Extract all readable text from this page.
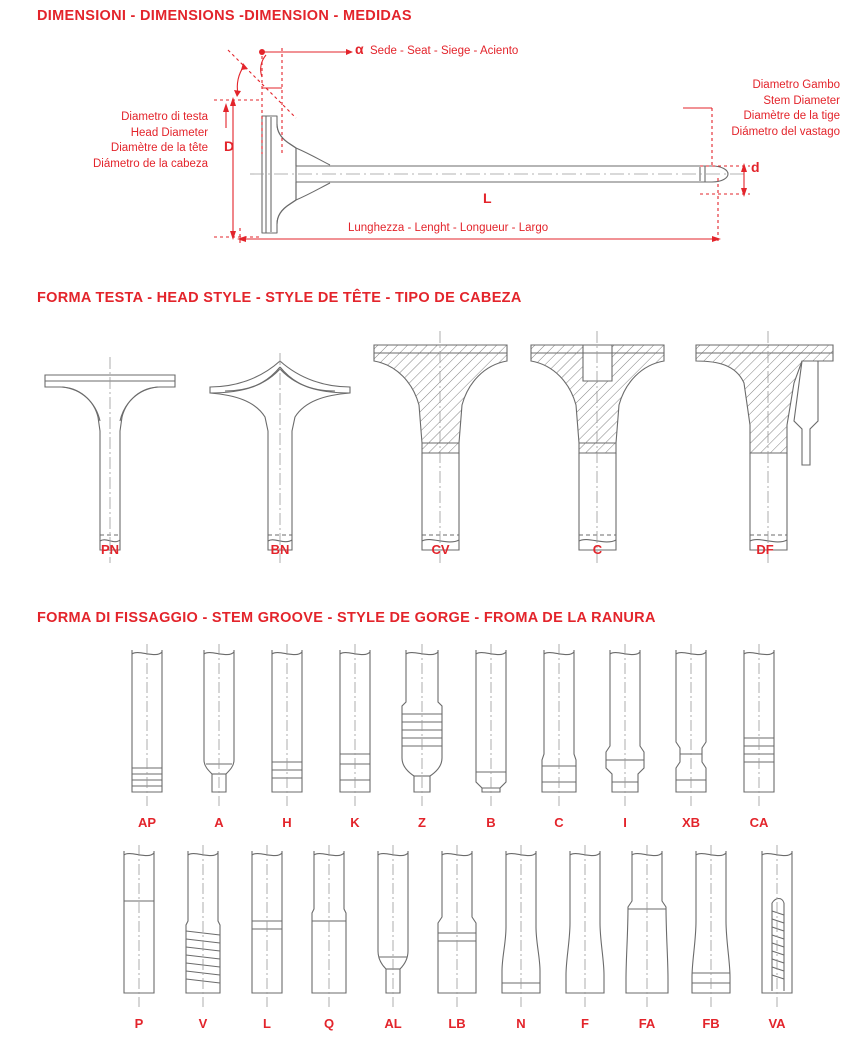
DIMENSIONI - DIMENSIONS -DIMENSION - MEDIDAS
α Sede - Seat - Siege - Aciento
Diametro di testa
Head Diameter
Diamètre de la tête
Diámetro de la cabeza
D
Diametro Gambo
Stem Diameter
Diamètre de la tige
Diámetro del vastago
d
L
Lunghezza - Lenght - Longueur - Largo
FORMA TESTA - HEAD STYLE - STYLE DE TÊTE - TIPO DE CABEZA
PN	BN	CV	C	DF
FORMA DI FISSAGGIO - STEM GROOVE - STYLE DE GORGE - FROMA DE LA RANURA
AP	A	H	K	Z	B	C	I	XB	CA
P	V	L	Q	AL	LB	N	F	FA	FB	VA
